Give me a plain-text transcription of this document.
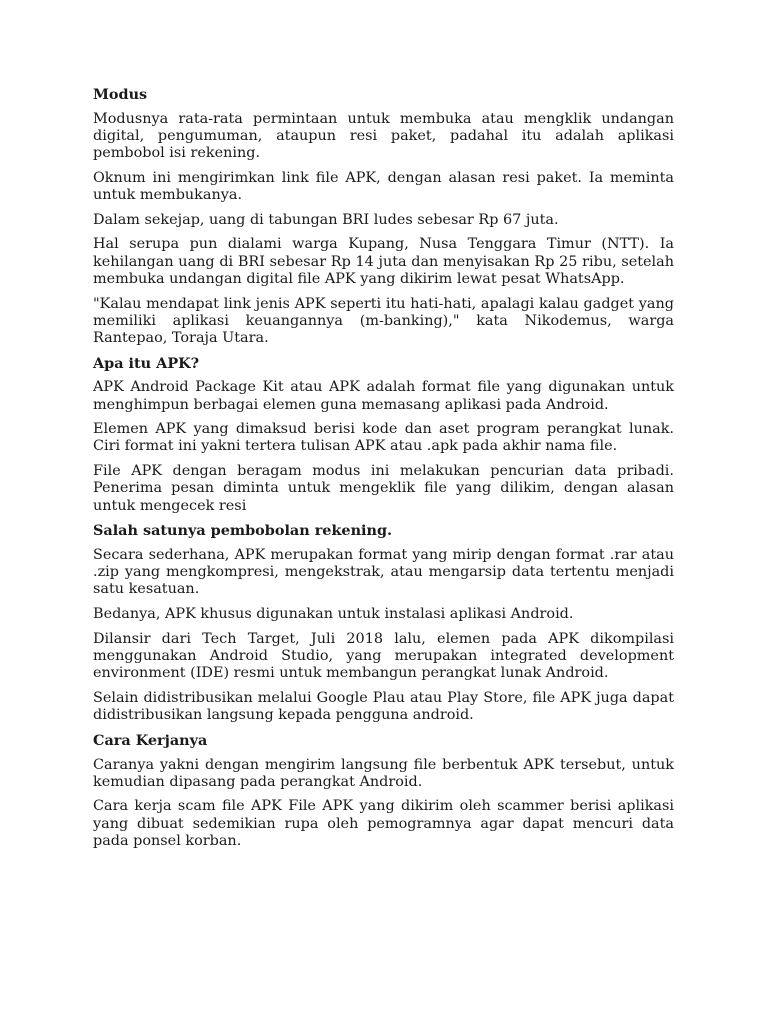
Modus

Modusnya rata-rata permintaan untuk membuka atau mengklik undangan digital, pengumuman, ataupun resi paket, padahal itu adalah aplikasi pembobol isi rekening.

Oknum ini mengirimkan link file APK, dengan alasan resi paket. Ia meminta untuk membukanya.

Dalam sekejap, uang di tabungan BRI ludes sebesar Rp 67 juta.

Hal serupa pun dialami warga Kupang, Nusa Tenggara Timur (NTT). Ia kehilangan uang di BRI sebesar Rp 14 juta dan menyisakan Rp 25 ribu, setelah membuka undangan digital file APK yang dikirim lewat pesat WhatsApp.

"Kalau mendapat link jenis APK seperti itu hati-hati, apalagi kalau gadget yang memiliki aplikasi keuangannya (m-banking)," kata Nikodemus, warga Rantepao, Toraja Utara.

Apa itu APK?

APK Android Package Kit atau APK adalah format file yang digunakan untuk menghimpun berbagai elemen guna memasang aplikasi pada Android.

Elemen APK yang dimaksud berisi kode dan aset program perangkat lunak. Ciri format ini yakni tertera tulisan APK atau .apk pada akhir nama file.

File APK dengan beragam modus ini melakukan pencurian data pribadi. Penerima pesan diminta untuk mengeklik file yang dilikim, dengan alasan untuk mengecek resi

Salah satunya pembobolan rekening.

Secara sederhana, APK merupakan format yang mirip dengan format .rar atau .zip yang mengkompresi, mengekstrak, atau mengarsip data tertentu menjadi satu kesatuan.

Bedanya, APK khusus digunakan untuk instalasi aplikasi Android.

Dilansir dari Tech Target, Juli 2018 lalu, elemen pada APK dikompilasi menggunakan Android Studio, yang merupakan integrated development environment (IDE) resmi untuk membangun perangkat lunak Android.

Selain didistribusikan melalui Google Plau atau Play Store, file APK juga dapat didistribusikan langsung kepada pengguna android.

Cara Kerjanya

Caranya yakni dengan mengirim langsung file berbentuk APK tersebut, untuk kemudian dipasang pada perangkat Android.

Cara kerja scam file APK File APK yang dikirim oleh scammer berisi aplikasi yang dibuat sedemikian rupa oleh pemogramnya agar dapat mencuri data pada ponsel korban.
